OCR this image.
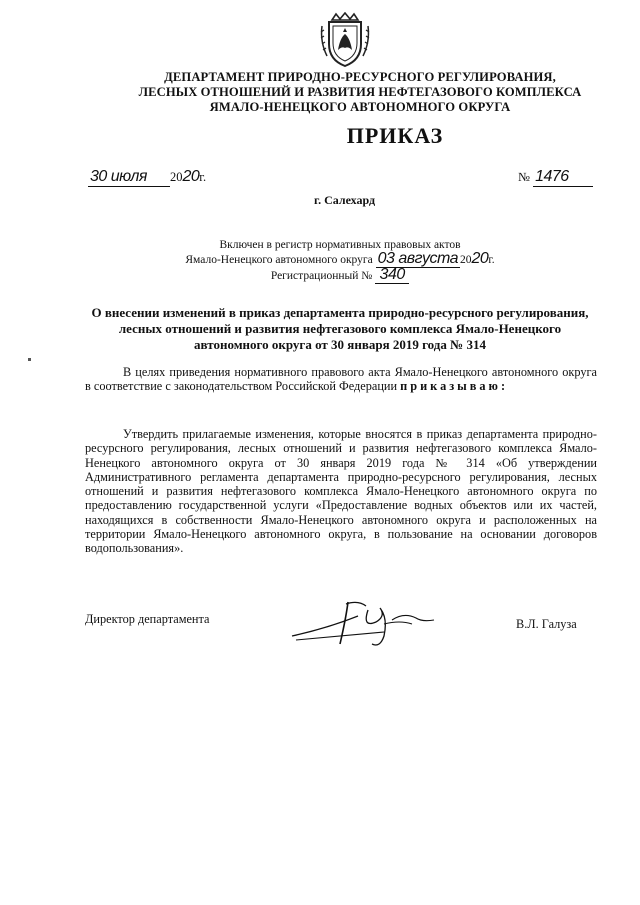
ДЕПАРТАМЕНТ ПРИРОДНО-РЕСУРСНОГО РЕГУЛИРОВАНИЯ,
ЛЕСНЫХ ОТНОШЕНИЙ И РАЗВИТИЯ НЕФТЕГАЗОВОГО КОМПЛЕКСА
ЯМАЛО-НЕНЕЦКОГО АВТОНОМНОГО ОКРУГА
ПРИКАЗ
30 июля 2020г.	№ 1476
г. Салехард
Включен в регистр нормативных правовых актов
Ямало-Ненецкого автономного округа 03 августа 2020г.
Регистрационный № 340
О внесении изменений в приказ департамента природно-ресурсного регулирования, лесных отношений и развития нефтегазового комплекса Ямало-Ненецкого автономного округа от 30 января 2019 года № 314
В целях приведения нормативного правового акта Ямало-Ненецкого автономного округа в соответствие с законодательством Российской Федерации приказываю:
Утвердить прилагаемые изменения, которые вносятся в приказ департамента природно-ресурсного регулирования, лесных отношений и развития нефтегазового комплекса Ямало-Ненецкого автономного округа от 30 января 2019 года № 314 «Об утверждении Административного регламента департамента природно-ресурсного регулирования, лесных отношений и развития нефтегазового комплекса Ямало-Ненецкого автономного округа по предоставлению государственной услуги «Предоставление водных объектов или их частей, находящихся в собственности Ямало-Ненецкого автономного округа и расположенных на территории Ямало-Ненецкого автономного округа, в пользование на основании договоров водопользования».
Директор департамента	В.Л. Галуза
